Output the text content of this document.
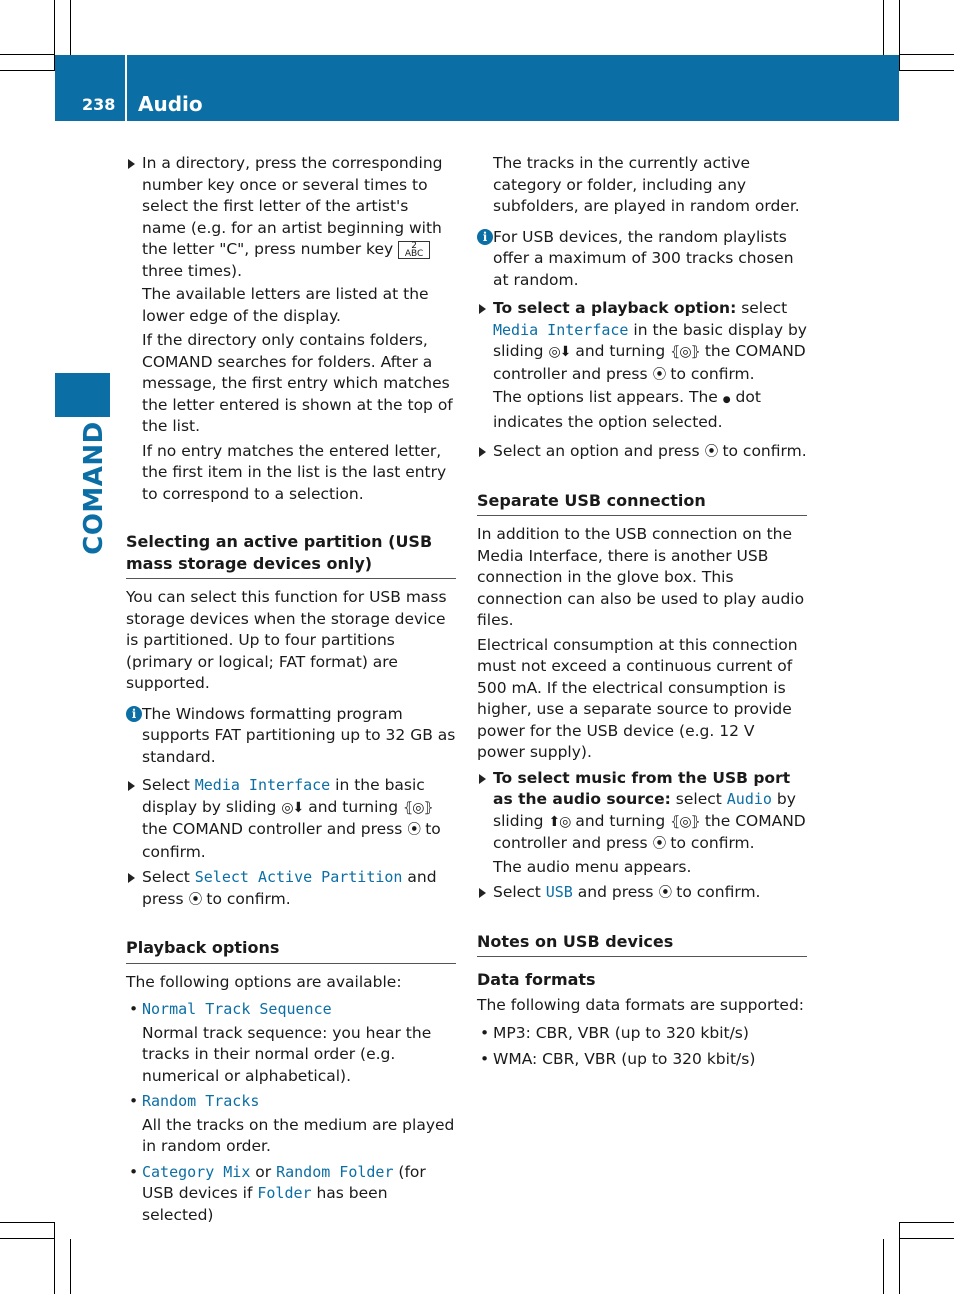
238 Audio
COMAND

In a directory, press the corresponding number key once or several times to select the first letter of the artist's name (e.g. for an artist beginning with the letter "C", press number key 2
ABC three times).

The available letters are listed at the lower edge of the display.

If the directory only contains folders, COMAND searches for folders. After a message, the first entry which matches the letter entered is shown at the top of the list.

If no entry matches the entered letter, the first item in the list is the last entry to correspond to a selection.

Selecting an active partition (USB mass storage devices only)

You can select this function for USB mass storage devices when the storage device is partitioned. Up to four partitions (primary or logical; FAT format) are supported.

i The Windows formatting program supports FAT partitioning up to 32 GB as standard.

Select Media Interface in the basic display by sliding ◎⬇ and turning ⦃◎⦄ the COMAND controller and press ⦿ to confirm.

Select Select Active Partition and press ⦿ to confirm.

Playback options

The following options are available:

• Normal Track Sequence

Normal track sequence: you hear the tracks in their normal order (e.g. numerical or alphabetical).

• Random Tracks

All the tracks on the medium are played in random order.

• Category Mix or Random Folder (for USB devices if Folder has been selected)

The tracks in the currently active category or folder, including any subfolders, are played in random order.

i For USB devices, the random playlists offer a maximum of 300 tracks chosen at random.

To select a playback option: select Media Interface in the basic display by sliding ◎⬇ and turning ⦃◎⦄ the COMAND controller and press ⦿ to confirm.

The options list appears. The ● dot indicates the option selected.

Select an option and press ⦿ to confirm.

Separate USB connection

In addition to the USB connection on the Media Interface, there is another USB connection in the glove box. This connection can also be used to play audio files.

Electrical consumption at this connection must not exceed a continuous current of 500 mA. If the electrical consumption is higher, use a separate source to provide power for the USB device (e.g. 12 V power supply).

To select music from the USB port as the audio source: select Audio by sliding ⬆◎ and turning ⦃◎⦄ the COMAND controller and press ⦿ to confirm.

The audio menu appears.

Select USB and press ⦿ to confirm.

Notes on USB devices
Data formats

The following data formats are supported:

• MP3: CBR, VBR (up to 320 kbit/s)

• WMA: CBR, VBR (up to 320 kbit/s)
